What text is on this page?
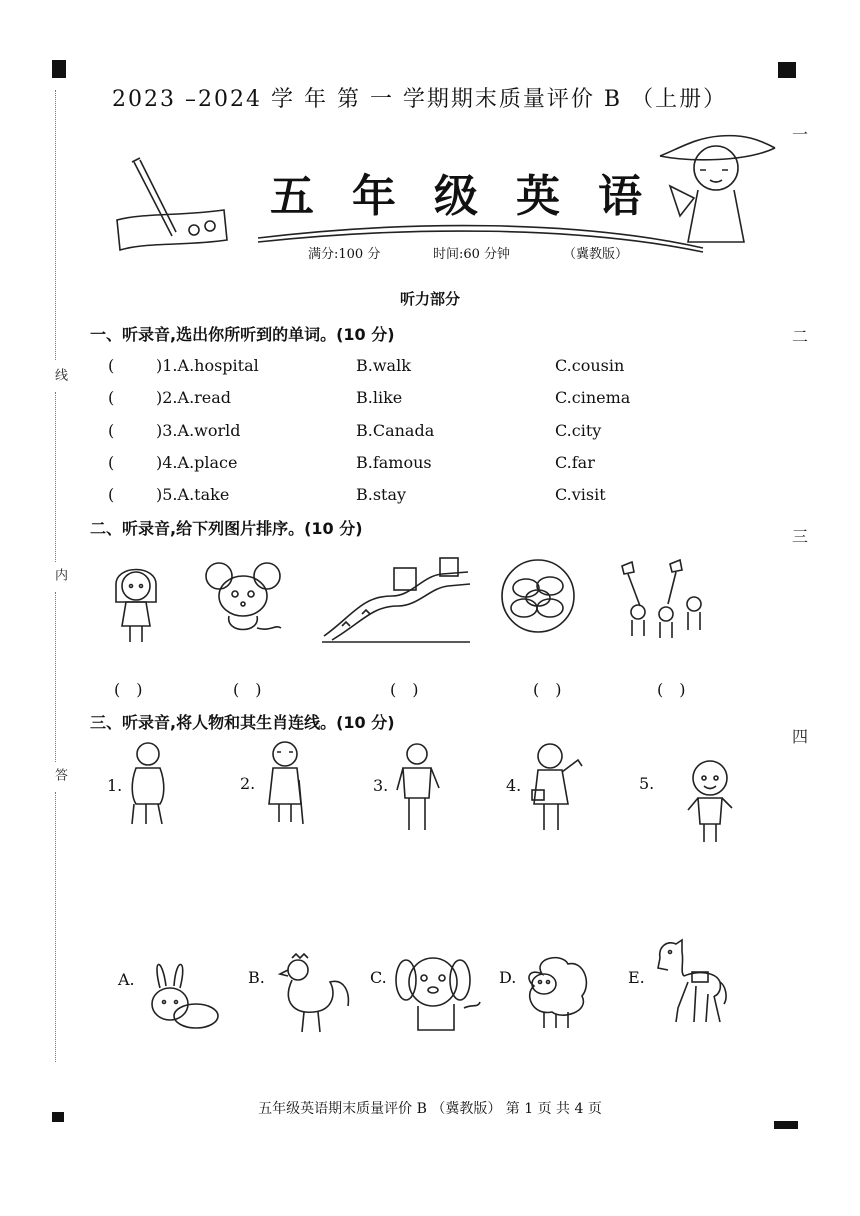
线
内
答
一
二
三
四
2023 –2024 学 年 第 一 学期期末质量评价 B （上册）
五年级英语
满分:100 分	时间:60 分钟	（冀教版）
听力部分
一、听录音,选出你所听到的单词。(10 分)
(	)1.A.hospital	B.walk	C.cousin
(	)2.A.read	B.like	C.cinema
(	)3.A.world	B.Canada	C.city
(	)4.A.place	B.famous	C.far
(	)5.A.take	B.stay	C.visit
二、听录音,给下列图片排序。(10 分)
(　)	(　)	(　)	(　)	(　)
三、听录音,将人物和其生肖连线。(10 分)
1.	2.	3.	4.	5.
A.	B.	C.	D.	E.
五年级英语期末质量评价 B （冀教版） 第 1 页 共 4 页
